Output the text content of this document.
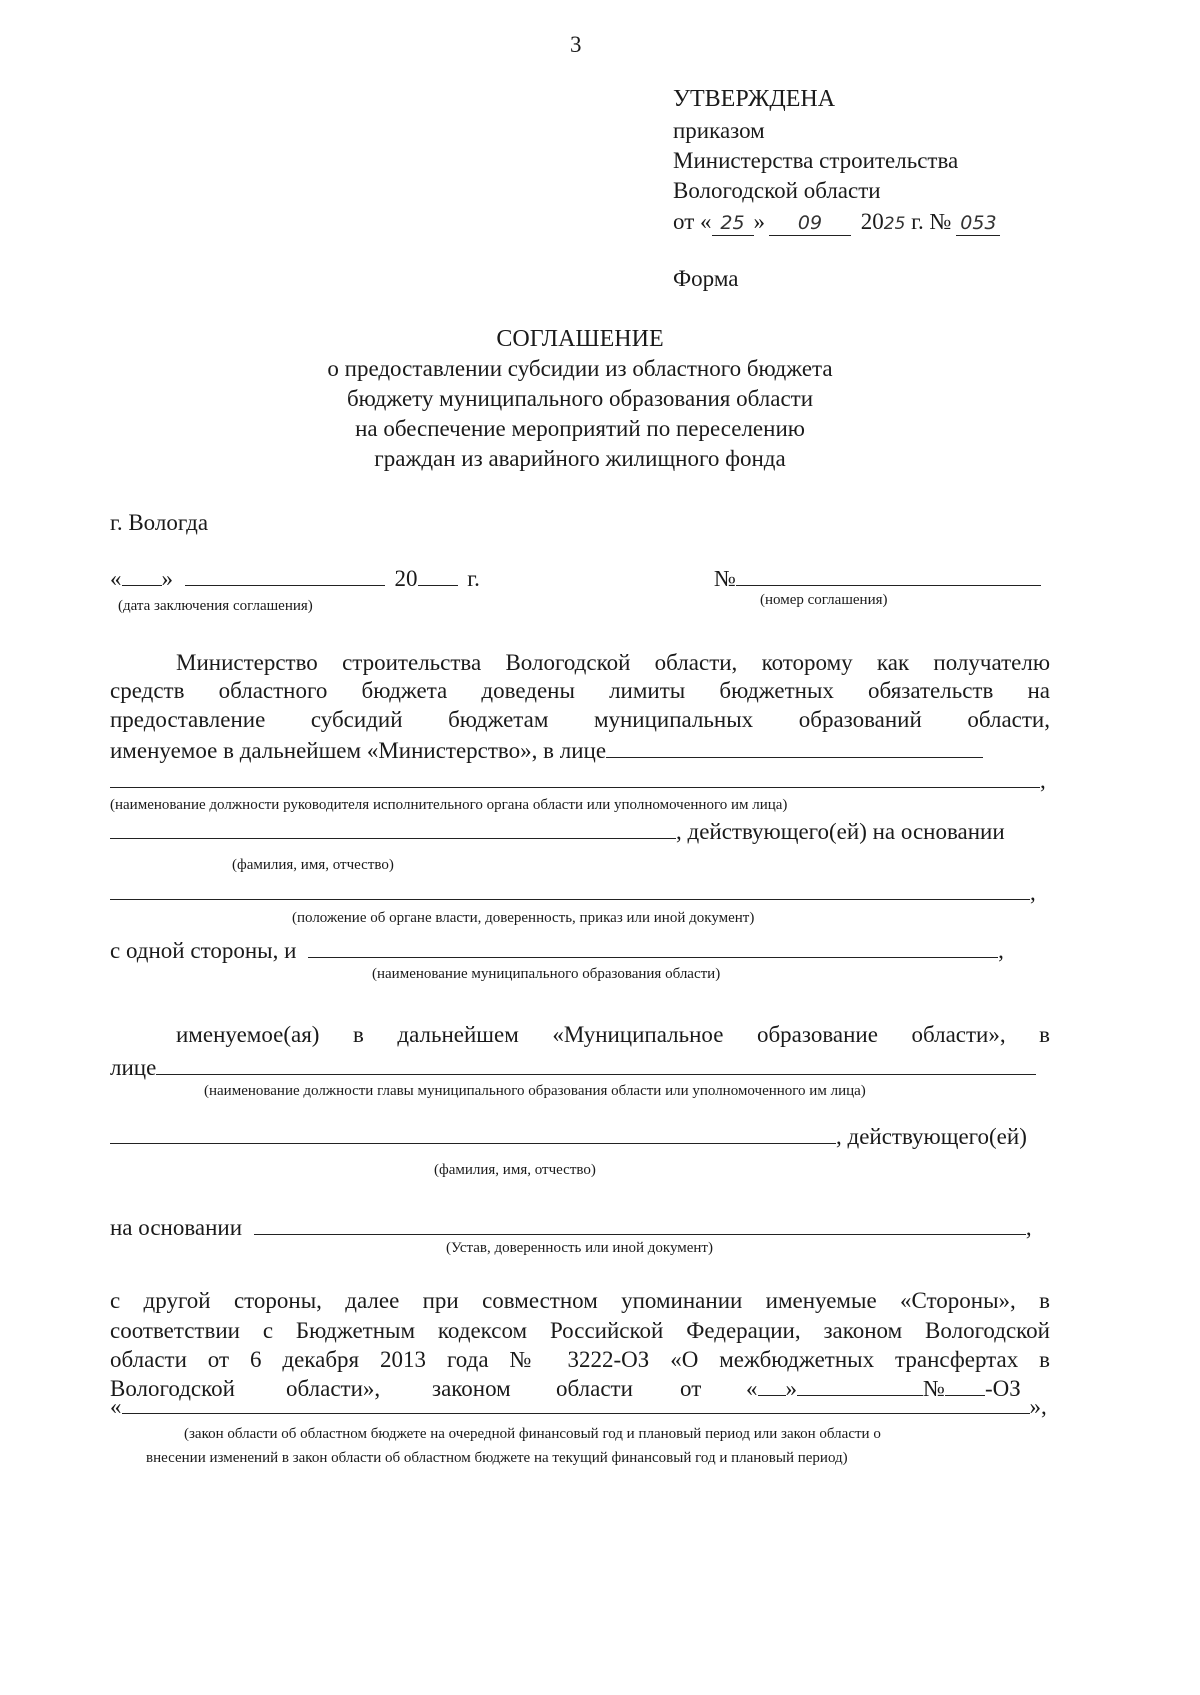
3
УТВЕРЖДЕНА
приказом
Министерства строительства
Вологодской области
от « 25 » 09 2025 г. № 053
Форма
СОГЛАШЕНИЕ
о предоставлении субсидии из областного бюджета
бюджету муниципального образования области
на обеспечение мероприятий по переселению
граждан из аварийного жилищного фонда
г. Вологда
« »	20 г.	№
(дата заключения соглашения)	(номер соглашения)
Министерство строительства Вологодской области, которому как получателю
средств областного бюджета доведены лимиты бюджетных обязательств на
предоставление субсидий бюджетам муниципальных образований области,
именуемое в дальнейшем «Министерство», в лице
,
(наименование должности руководителя исполнительного органа области или уполномоченного им лица)
, действующего(ей) на основании
(фамилия, имя, отчество)
,
(положение об органе власти, доверенность, приказ или иной документ)
с одной стороны, и	,
(наименование муниципального образования области)
именуемое(ая) в дальнейшем «Муниципальное образование области», в
лице
(наименование должности главы муниципального образования области или уполномоченного им лица)
, действующего(ей)
(фамилия, имя, отчество)
на основании	,
(Устав, доверенность или иной документ)
с другой стороны, далее при совместном упоминании именуемые «Стороны», в
соответствии с Бюджетным кодексом Российской Федерации, законом Вологодской
области от 6 декабря 2013 года № 3222-ОЗ «О межбюджетных трансфертах в
Вологодской области», законом области от « »	№ -ОЗ
«	»,
(закон области об областном бюджете на очередной финансовый год и плановый период или закон области о
внесении изменений в закон области об областном бюджете на текущий финансовый год и плановый период)
